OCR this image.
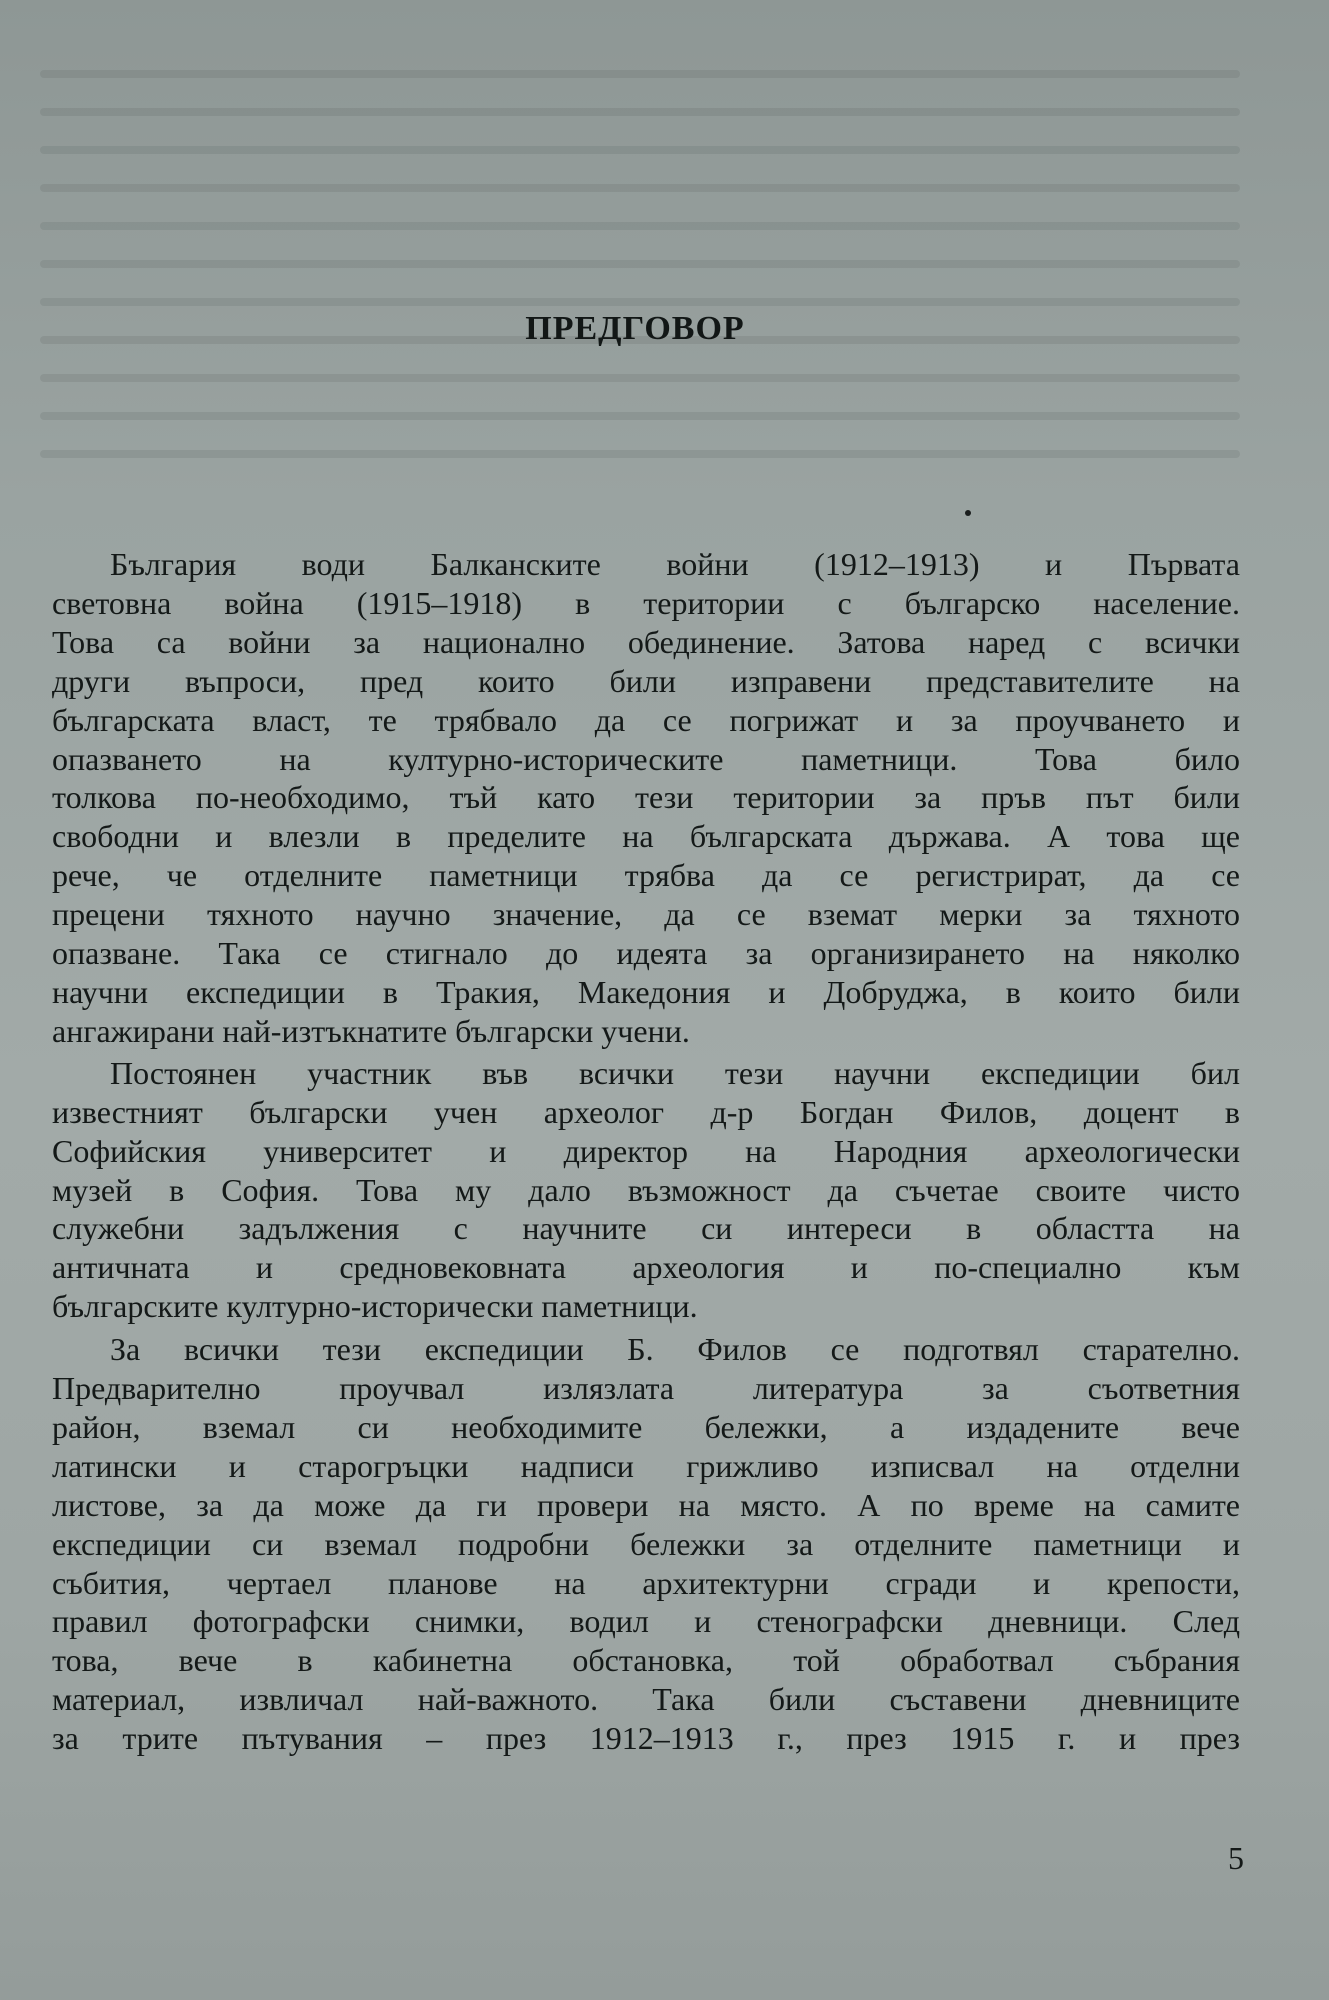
ПРЕДГОВОР
България води Балканските войни (1912–1913) и Първата
световна война (1915–1918) в територии с българско население.
Това са войни за национално обединение. Затова наред с всички
други въпроси, пред които били изправени представителите на
българската власт, те трябвало да се погрижат и за проучването и
опазването на културно-историческите паметници. Това било
толкова по-необходимо, тъй като тези територии за пръв път били
свободни и влезли в пределите на българската държава. А това ще
рече, че отделните паметници трябва да се регистрират, да се
прецени тяхното научно значение, да се вземат мерки за тяхното
опазване. Така се стигнало до идеята за организирането на няколко
научни експедиции в Тракия, Македония и Добруджа, в които били
ангажирани най-изтъкнатите български учени.
Постоянен участник във всички тези научни експедиции бил
известният български учен археолог д-р Богдан Филов, доцент в
Софийския университет и директор на Народния археологически
музей в София. Това му дало възможност да съчетае своите чисто
служебни задължения с научните си интереси в областта на
античната и средновековната археология и по-специално към
българските културно-исторически паметници.
За всички тези експедиции Б. Филов се подготвял старателно.
Предварително проучвал излязлата литература за съответния
район, вземал си необходимите бележки, а издадените вече
латински и старогръцки надписи грижливо изписвал на отделни
листове, за да може да ги провери на място. А по време на самите
експедиции си вземал подробни бележки за отделните паметници и
събития, чертаел планове на архитектурни сгради и крепости,
правил фотографски снимки, водил и стенографски дневници. След
това, вече в кабинетна обстановка, той обработвал събрания
материал, извличал най-важното. Така били съставени дневниците
за трите пътувания – през 1912–1913 г., през 1915 г. и през
5
